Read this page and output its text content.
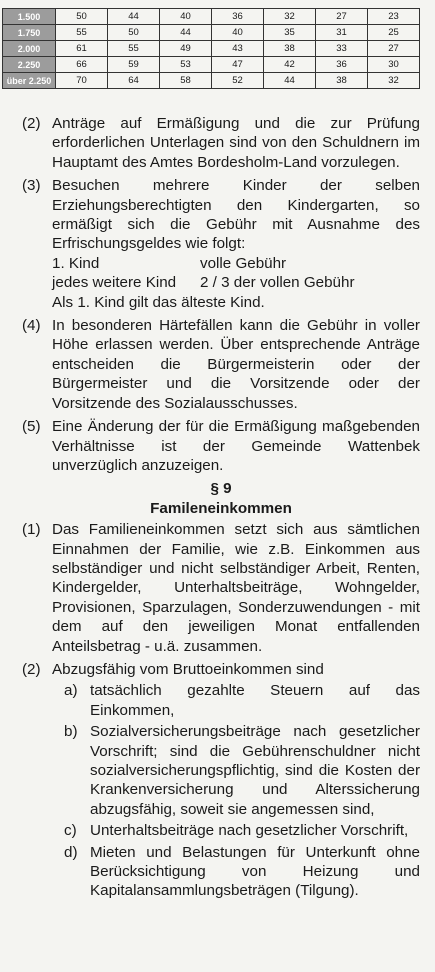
1.500	50	44	40	36	32	27	23
1.750	55	50	44	40	35	31	25
2.000	61	55	49	43	38	33	27
2.250	66	59	53	47	42	36	30
über 2.250	70	64	58	52	44	38	32
(2) Anträge auf Ermäßigung und die zur Prüfung erforderlichen Unterlagen sind von den Schuldnern im Hauptamt des Amtes Bordesholm-Land vorzulegen.
(3) Besuchen mehrere Kinder der selben Erziehungsberechtigten den Kindergarten, so ermäßigt sich die Gebühr mit Ausnahme des Erfrischungsgeldes wie folgt:
1. Kind	volle Gebühr
jedes weitere Kind	2 / 3 der vollen Gebühr
Als 1. Kind gilt das älteste Kind.
(4) In besonderen Härtefällen kann die Gebühr in voller Höhe erlassen werden. Über entsprechende Anträge entscheiden die Bürgermeisterin oder der Bürgermeister und die Vorsitzende oder der Vorsitzende des Sozialausschusses.
(5) Eine Änderung der für die Ermäßigung maßgebenden Verhältnisse ist der Gemeinde Wattenbek unverzüglich anzuzeigen.
§ 9
Famileneinkommen
(1) Das Familieneinkommen setzt sich aus sämtlichen Einnahmen der Familie, wie z.B. Einkommen aus selbständiger und nicht selbständiger Arbeit, Renten, Kindergelder, Unterhaltsbeiträge, Wohngelder, Provisionen, Sparzulagen, Sonderzuwendungen - mit dem auf den jeweiligen Monat entfallenden Anteilsbetrag - u.ä. zusammen.
(2) Abzugsfähig vom Bruttoeinkommen sind
a) tatsächlich gezahlte Steuern auf das Einkommen,
b) Sozialversicherungsbeiträge nach gesetzlicher Vorschrift; sind die Gebührenschuldner nicht sozialversicherungspflichtig, sind die Kosten der Krankenversicherung und Alterssicherung abzugsfähig, soweit sie angemessen sind,
c) Unterhaltsbeiträge nach gesetzlicher Vorschrift,
d) Mieten und Belastungen für Unterkunft ohne Berücksichtigung von Heizung und Kapitalansammlungsbeträgen (Tilgung).
